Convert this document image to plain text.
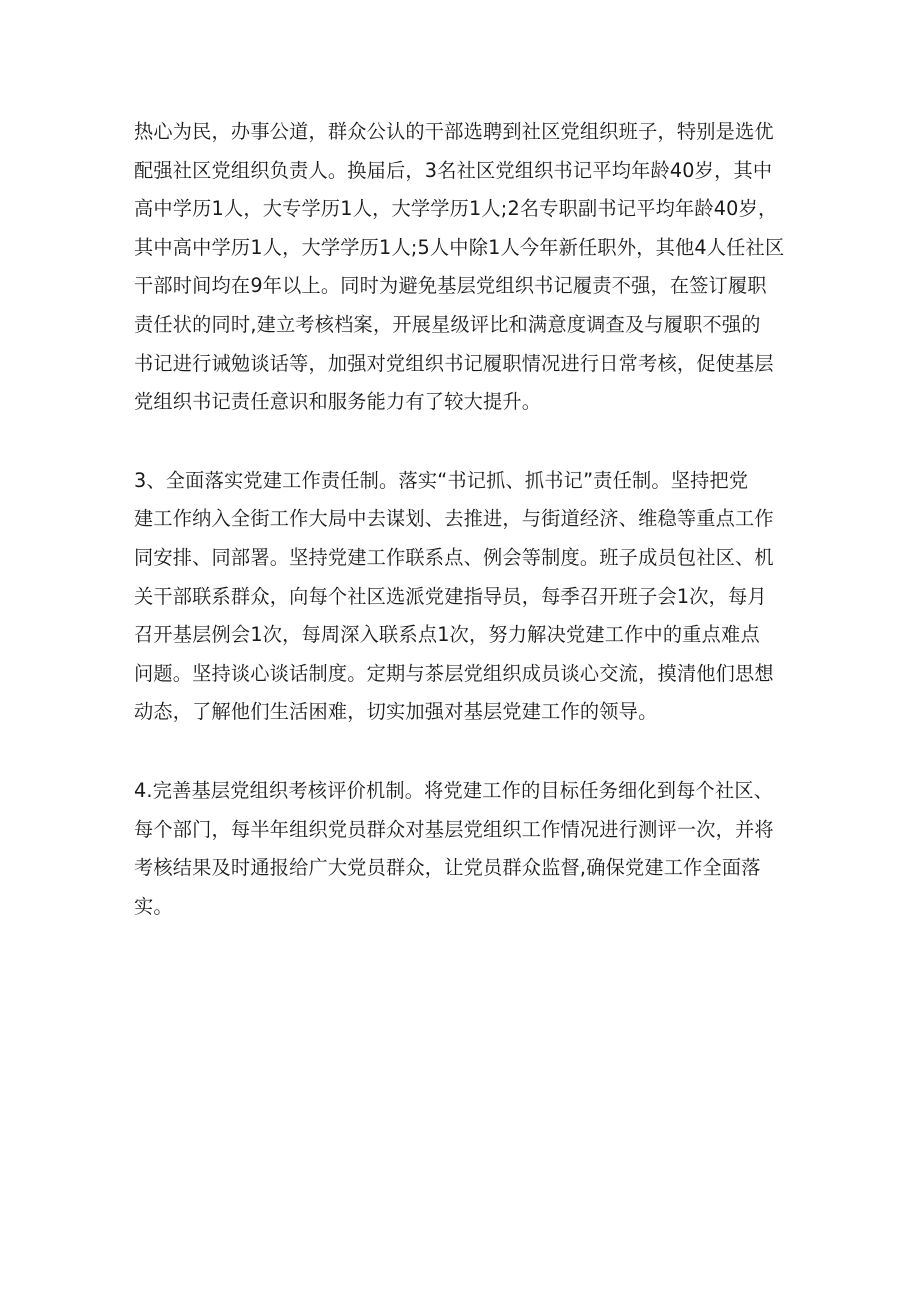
热心为民，办事公道，群众公认的干部选聘到社区党组织班子，特别是选优
配强社区党组织负责人。换届后，3名社区党组织书记平均年龄40岁，其中
高中学历1人，大专学历1人，大学学历1人;2名专职副书记平均年龄40岁，
其中高中学历1人，大学学历1人;5人中除1人今年新任职外，其他4人任社区
干部时间均在9年以上。同时为避免基层党组织书记履责不强，在签订履职
责任状的同时,建立考核档案，开展星级评比和满意度调查及与履职不强的
书记进行诫勉谈话等，加强对党组织书记履职情况进行日常考核，促使基层
党组织书记责任意识和服务能力有了较大提升。

3、全面落实党建工作责任制。落实“书记抓、抓书记”责任制。坚持把党
建工作纳入全街工作大局中去谋划、去推进，与街道经济、维稳等重点工作
同安排、同部署。坚持党建工作联系点、例会等制度。班子成员包社区、机
关干部联系群众，向每个社区选派党建指导员，每季召开班子会1次，每月
召开基层例会1次，每周深入联系点1次，努力解决党建工作中的重点难点
问题。坚持谈心谈话制度。定期与茶层党组织成员谈心交流，摸清他们思想
动态，了解他们生活困难，切实加强对基层党建工作的领导。

4.完善基层党组织考核评价机制。将党建工作的目标任务细化到每个社区、
每个部门，每半年组织党员群众对基层党组织工作情况进行测评一次，并将
考核结果及时通报给广大党员群众，让党员群众监督,确保党建工作全面落
实。
